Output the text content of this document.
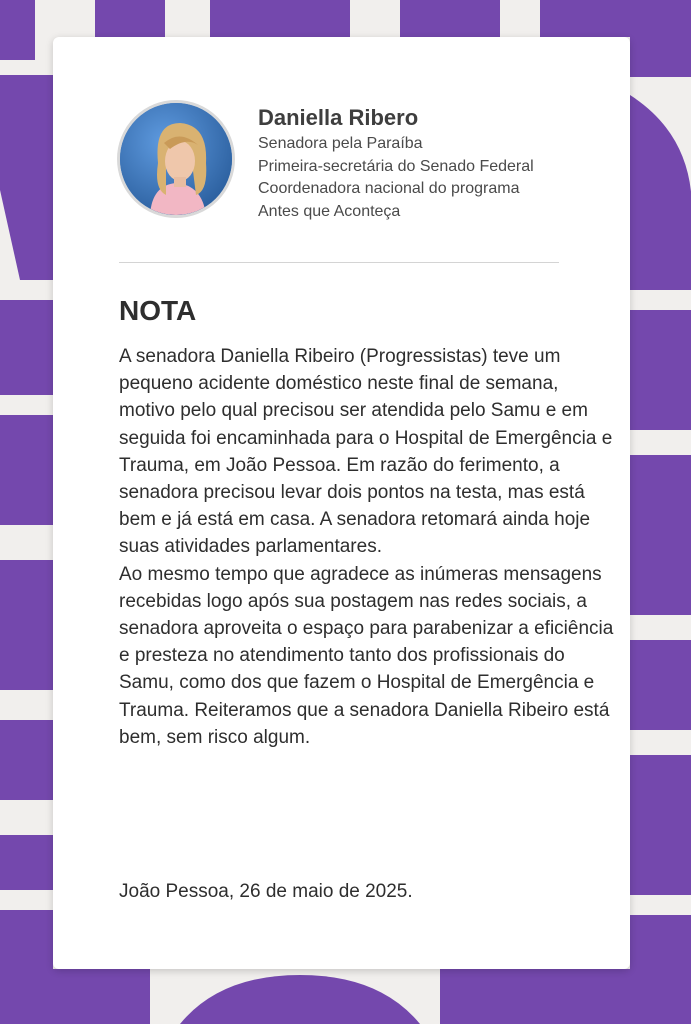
Daniella Ribero

Senadora pela Paraíba

Primeira-secretária do Senado Federal

Coordenadora nacional do programa

Antes que Aconteça

NOTA

A senadora Daniella Ribeiro (Progressistas) teve um pequeno acidente doméstico neste final de semana, motivo pelo qual precisou ser atendida pelo Samu e em seguida foi encaminhada para o Hospital de Emergência e Trauma, em João Pessoa. Em razão do ferimento, a senadora precisou levar dois pontos na testa, mas está bem e já está em casa. A senadora retomará ainda hoje suas atividades parlamentares.

Ao mesmo tempo que agradece as inúmeras mensagens recebidas logo após sua postagem nas redes sociais, a senadora aproveita o espaço para parabenizar a eficiência e presteza no atendimento tanto dos profissionais do Samu, como dos que fazem o Hospital de Emergência e Trauma. Reiteramos que a senadora Daniella Ribeiro está bem, sem risco algum.

João Pessoa, 26 de maio de 2025.
